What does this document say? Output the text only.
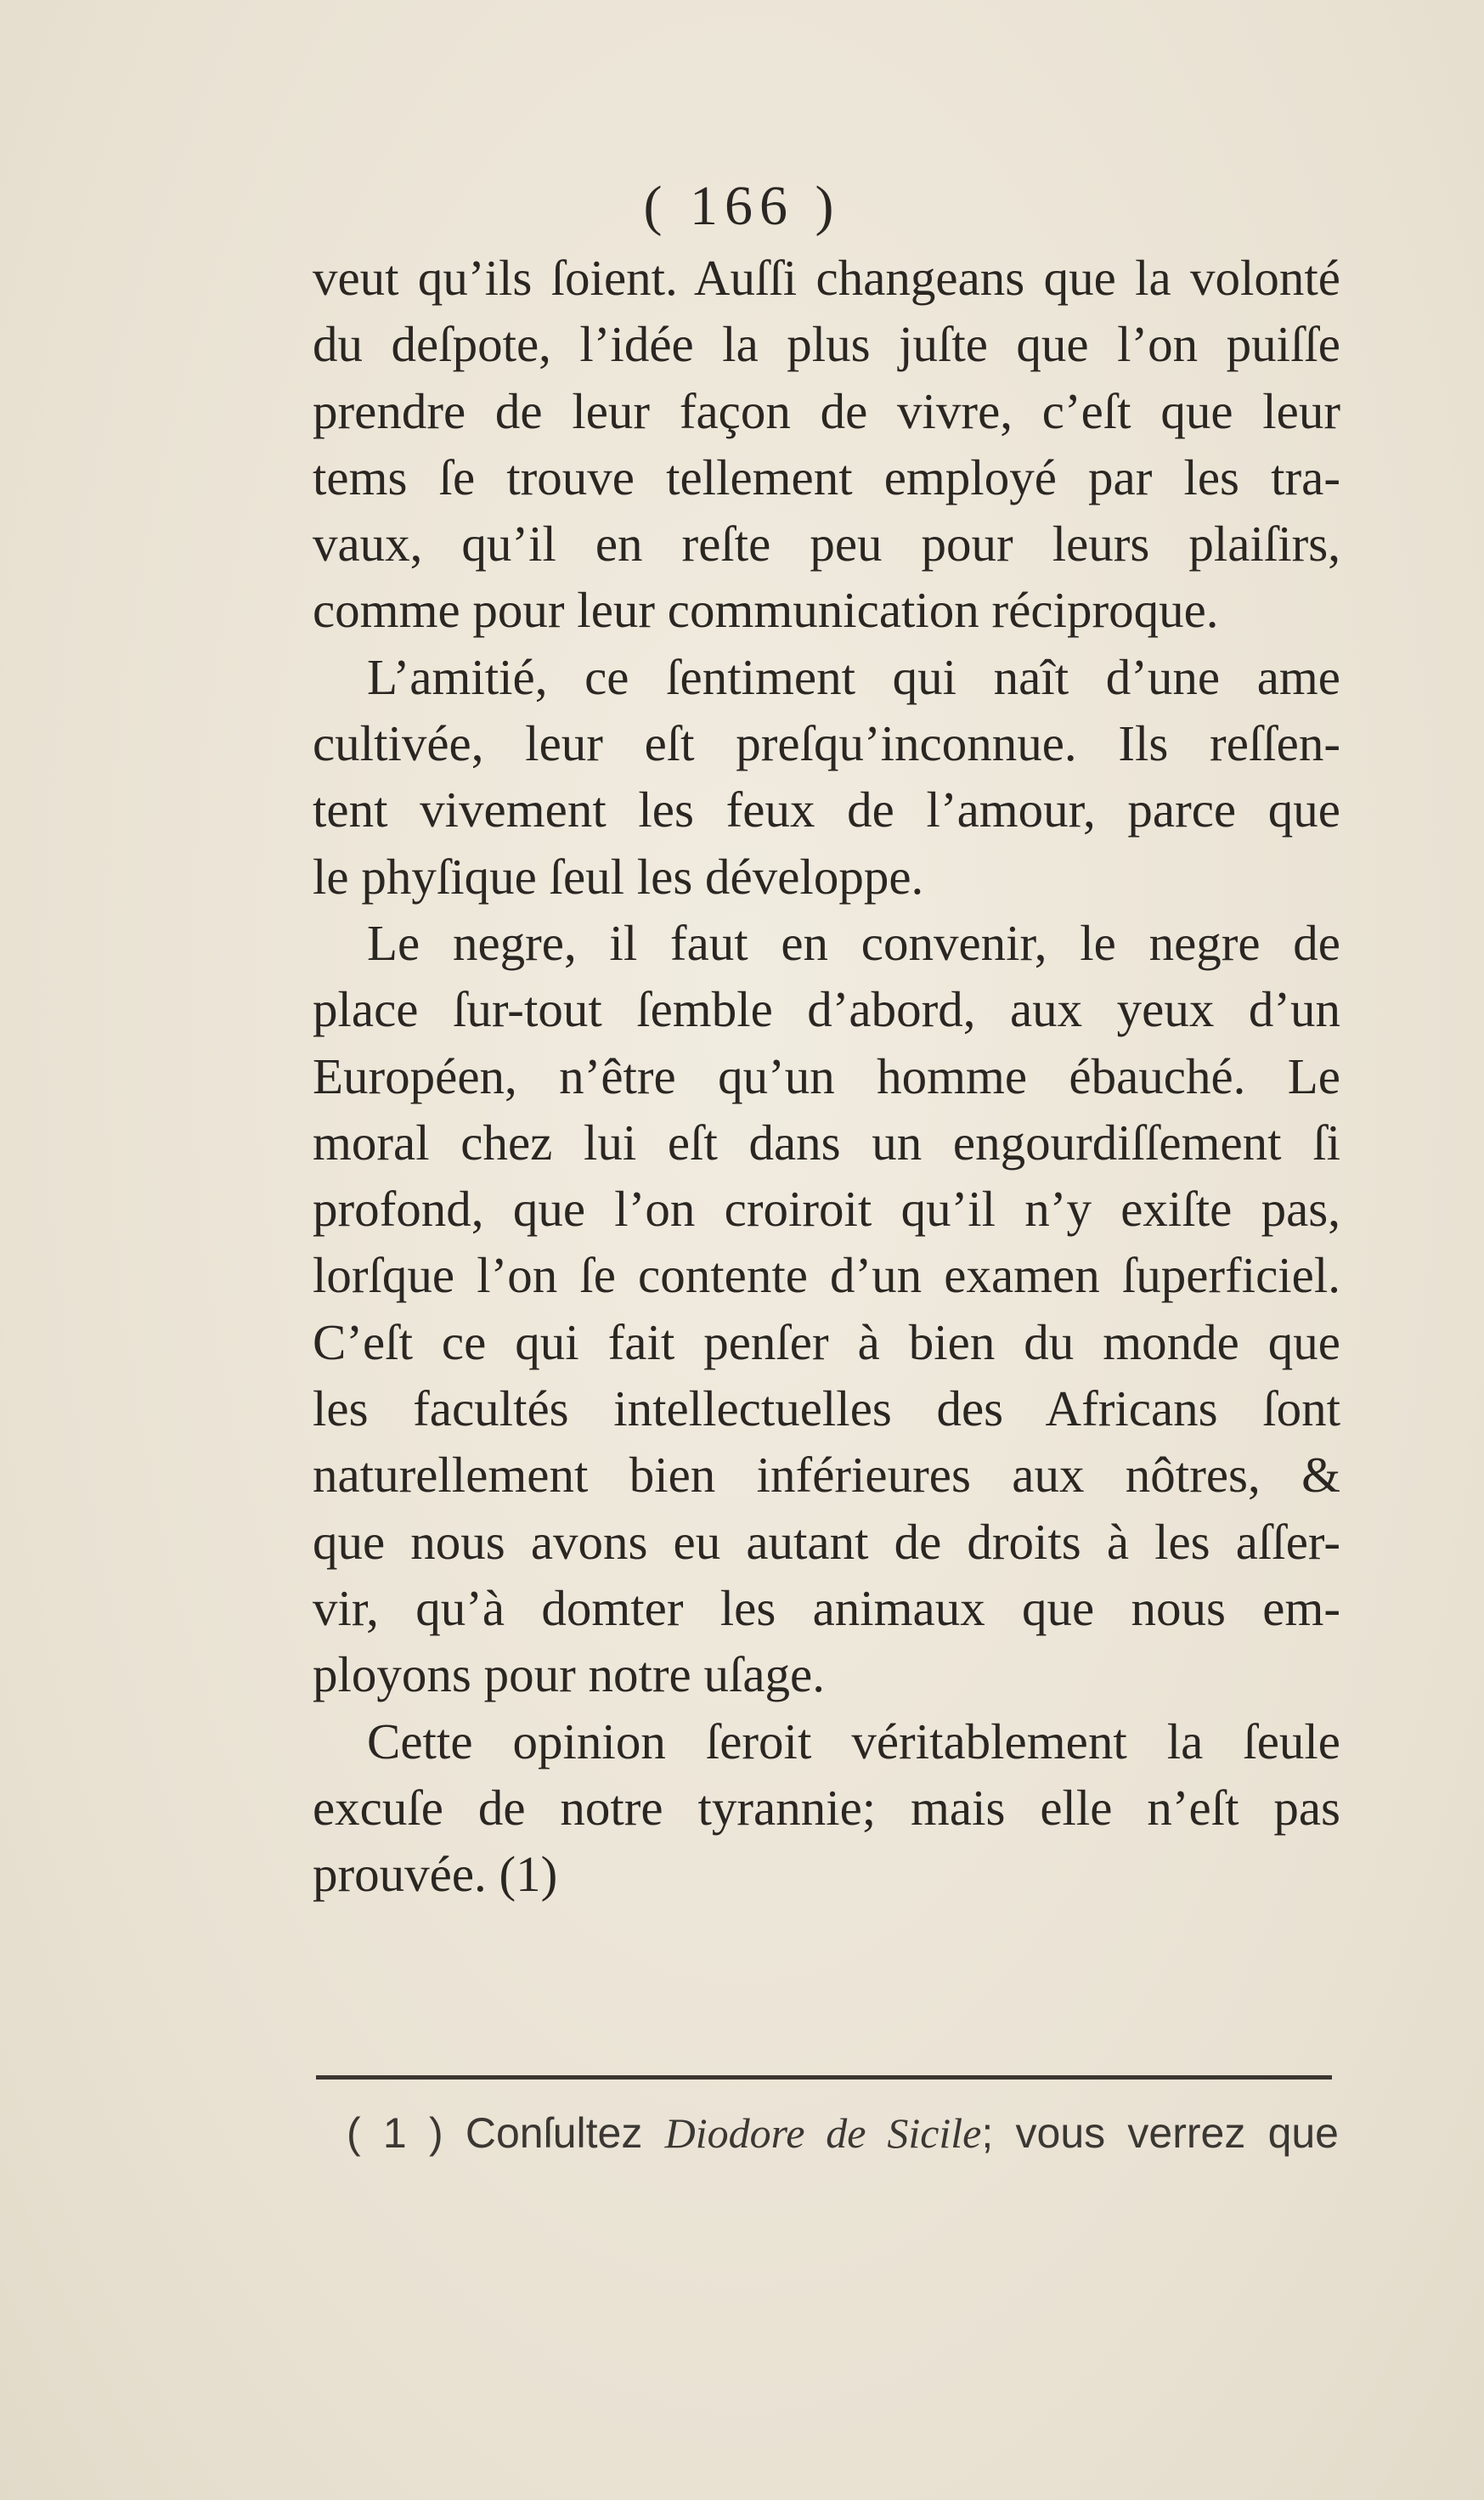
( 166 )
veut qu’ils ſoient. Auſſi changeans que la volonté
du deſpote, l’idée la plus juſte que l’on puiſſe
prendre de leur façon de vivre, c’eſt que leur
tems ſe trouve tellement employé par les tra-
vaux, qu’il en reſte peu pour leurs plaiſirs,
comme pour leur communication réciproque.
L’amitié, ce ſentiment qui naît d’une ame
cultivée, leur eſt preſqu’inconnue. Ils reſſen-
tent vivement les feux de l’amour, parce que
le phyſique ſeul les développe.
Le negre, il faut en convenir, le negre de
place ſur-tout ſemble d’abord, aux yeux d’un
Européen, n’être qu’un homme ébauché. Le
moral chez lui eſt dans un engourdiſſement ſi
profond, que l’on croiroit qu’il n’y exiſte pas,
lorſque l’on ſe contente d’un examen ſuperficiel.
C’eſt ce qui fait penſer à bien du monde que
les facultés intellectuelles des Africans ſont
naturellement bien inférieures aux nôtres, &
que nous avons eu autant de droits à les aſſer-
vir, qu’à domter les animaux que nous em-
ployons pour notre uſage.
Cette opinion ſeroit véritablement la ſeule
excuſe de notre tyrannie; mais elle n’eſt pas
prouvée. (1)
( 1 ) Conſultez Diodore de Sicile; vous verrez que
